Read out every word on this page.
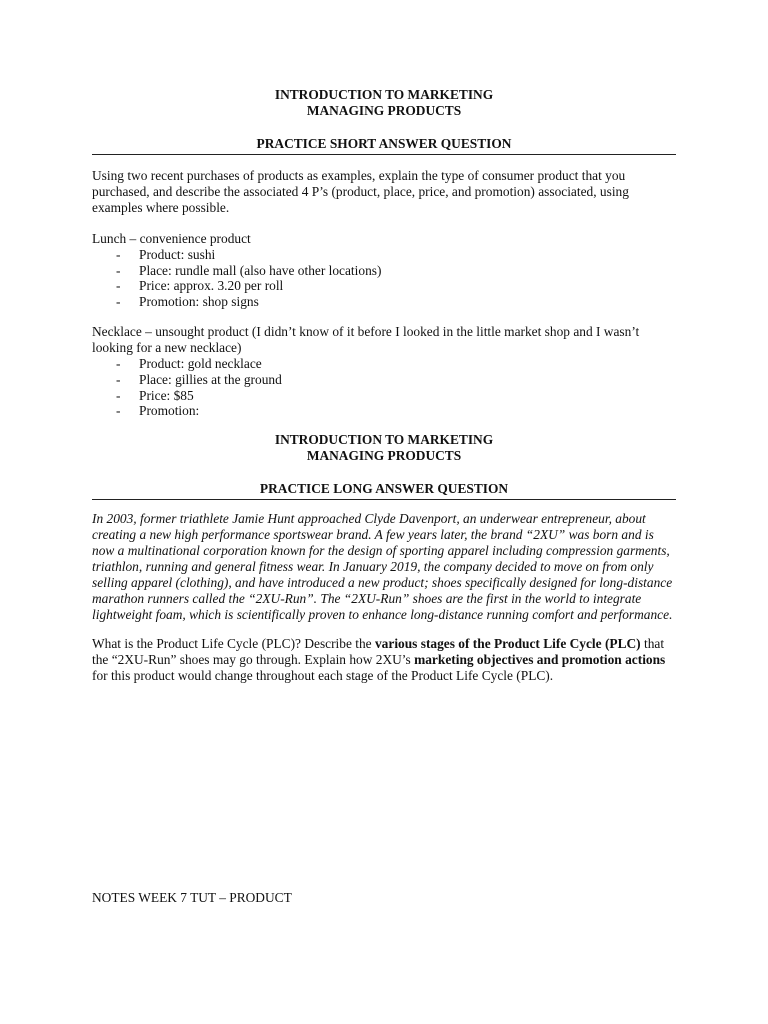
INTRODUCTION TO MARKETING

MANAGING PRODUCTS

PRACTICE SHORT ANSWER QUESTION

Using two recent purchases of products as examples, explain the type of consumer product that you purchased, and describe the associated 4 P’s (product, place, price, and promotion) associated, using examples where possible.

Lunch – convenience product

- Product: sushi
- Place: rundle mall (also have other locations)
- Price: approx. 3.20 per roll
- Promotion: shop signs

Necklace – unsought product (I didn’t know of it before I looked in the little market shop and I wasn’t looking for a new necklace)

- Product: gold necklace
- Place: gillies at the ground
- Price: $85
- Promotion:

INTRODUCTION TO MARKETING

MANAGING PRODUCTS

PRACTICE LONG ANSWER QUESTION

In 2003, former triathlete Jamie Hunt approached Clyde Davenport, an underwear entrepreneur, about creating a new high performance sportswear brand. A few years later, the brand “2XU” was born and is now a multinational corporation known for the design of sporting apparel including compression garments, triathlon, running and general fitness wear. In January 2019, the company decided to move on from only selling apparel (clothing), and have introduced a new product; shoes specifically designed for long-distance marathon runners called the “2XU-Run”. The “2XU-Run” shoes are the first in the world to integrate lightweight foam, which is scientifically proven to enhance long-distance running comfort and performance.

What is the Product Life Cycle (PLC)? Describe the various stages of the Product Life Cycle (PLC) that the “2XU-Run” shoes may go through. Explain how 2XU’s marketing objectives and promotion actions for this product would change throughout each stage of the Product Life Cycle (PLC).

NOTES WEEK 7 TUT – PRODUCT
